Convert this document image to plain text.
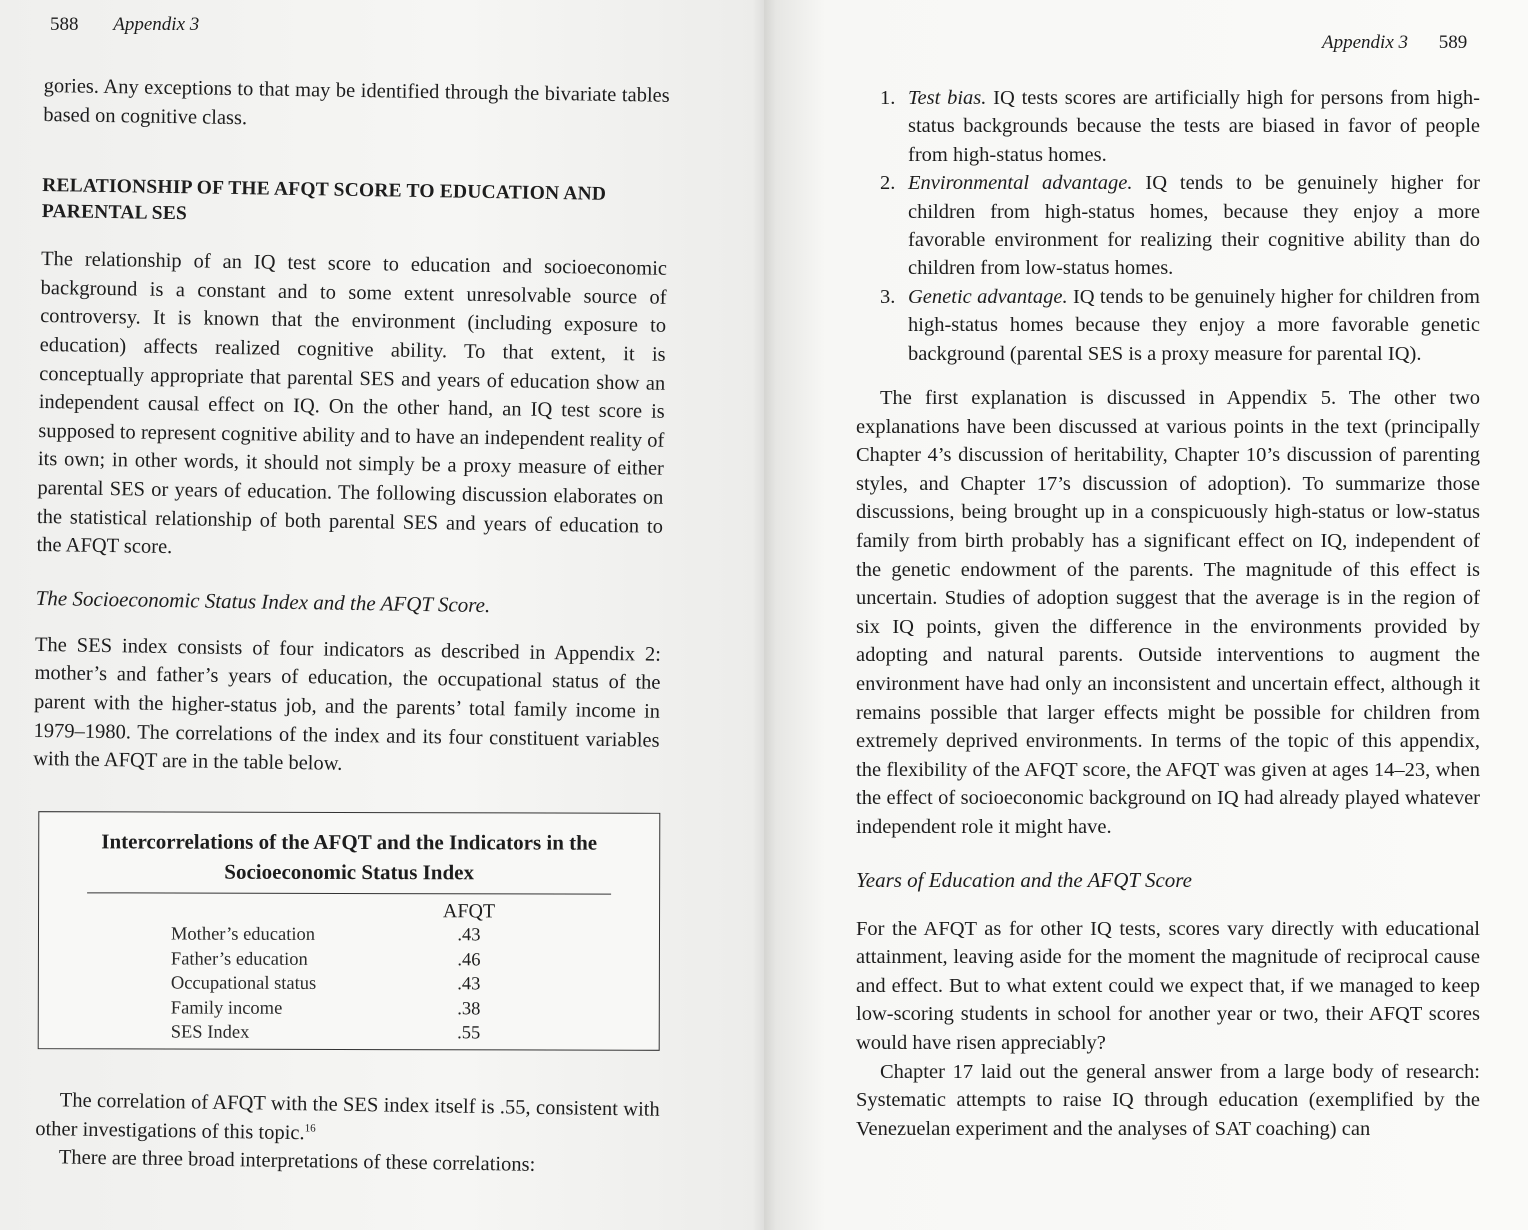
588 Appendix 3

gories. Any exceptions to that may be identified through the bivariate tables based on cognitive class.

RELATIONSHIP OF THE AFQT SCORE TO EDUCATION AND PARENTAL SES

The relationship of an IQ test score to education and socioeconomic background is a constant and to some extent unresolvable source of controversy. It is known that the environment (including exposure to education) affects realized cognitive ability. To that extent, it is conceptually appropriate that parental SES and years of education show an independent causal effect on IQ. On the other hand, an IQ test score is supposed to represent cognitive ability and to have an independent reality of its own; in other words, it should not simply be a proxy measure of either parental SES or years of education. The following discussion elaborates on the statistical relationship of both parental SES and years of education to the AFQT score.

The Socioeconomic Status Index and the AFQT Score.

The SES index consists of four indicators as described in Appendix 2: mother’s and father’s years of education, the occupational status of the parent with the higher-status job, and the parents’ total family income in 1979–1980. The correlations of the index and its four constituent variables with the AFQT are in the table below.

Intercorrelations of the AFQT and the Indicators in the Socioeconomic Status Index
AFQT
Mother’s education	.43
Father’s education	.46
Occupational status	.43
Family income	.38
SES Index	.55

The correlation of AFQT with the SES index itself is .55, consistent with other investigations of this topic.$^{16}$

There are three broad interpretations of these correlations:

Appendix 3 589
1. Test bias. IQ tests scores are artificially high for persons from high-status backgrounds because the tests are biased in favor of people from high-status homes.
2. Environmental advantage. IQ tends to be genuinely higher for children from high-status homes, because they enjoy a more favorable environment for realizing their cognitive ability than do children from low-status homes.
3. Genetic advantage. IQ tends to be genuinely higher for children from high-status homes because they enjoy a more favorable genetic background (parental SES is a proxy measure for parental IQ).

The first explanation is discussed in Appendix 5. The other two explanations have been discussed at various points in the text (principally Chapter 4’s discussion of heritability, Chapter 10’s discussion of parenting styles, and Chapter 17’s discussion of adoption). To summarize those discussions, being brought up in a conspicuously high-status or low-status family from birth probably has a significant effect on IQ, independent of the genetic endowment of the parents. The magnitude of this effect is uncertain. Studies of adoption suggest that the average is in the region of six IQ points, given the difference in the environments provided by adopting and natural parents. Outside interventions to augment the environment have had only an inconsistent and uncertain effect, although it remains possible that larger effects might be possible for children from extremely deprived environments. In terms of the topic of this appendix, the flexibility of the AFQT score, the AFQT was given at ages 14–23, when the effect of socioeconomic background on IQ had already played whatever independent role it might have.

Years of Education and the AFQT Score

For the AFQT as for other IQ tests, scores vary directly with educational attainment, leaving aside for the moment the magnitude of reciprocal cause and effect. But to what extent could we expect that, if we managed to keep low-scoring students in school for another year or two, their AFQT scores would have risen appreciably?

Chapter 17 laid out the general answer from a large body of research: Systematic attempts to raise IQ through education (exemplified by the Venezuelan experiment and the analyses of SAT coaching) can
